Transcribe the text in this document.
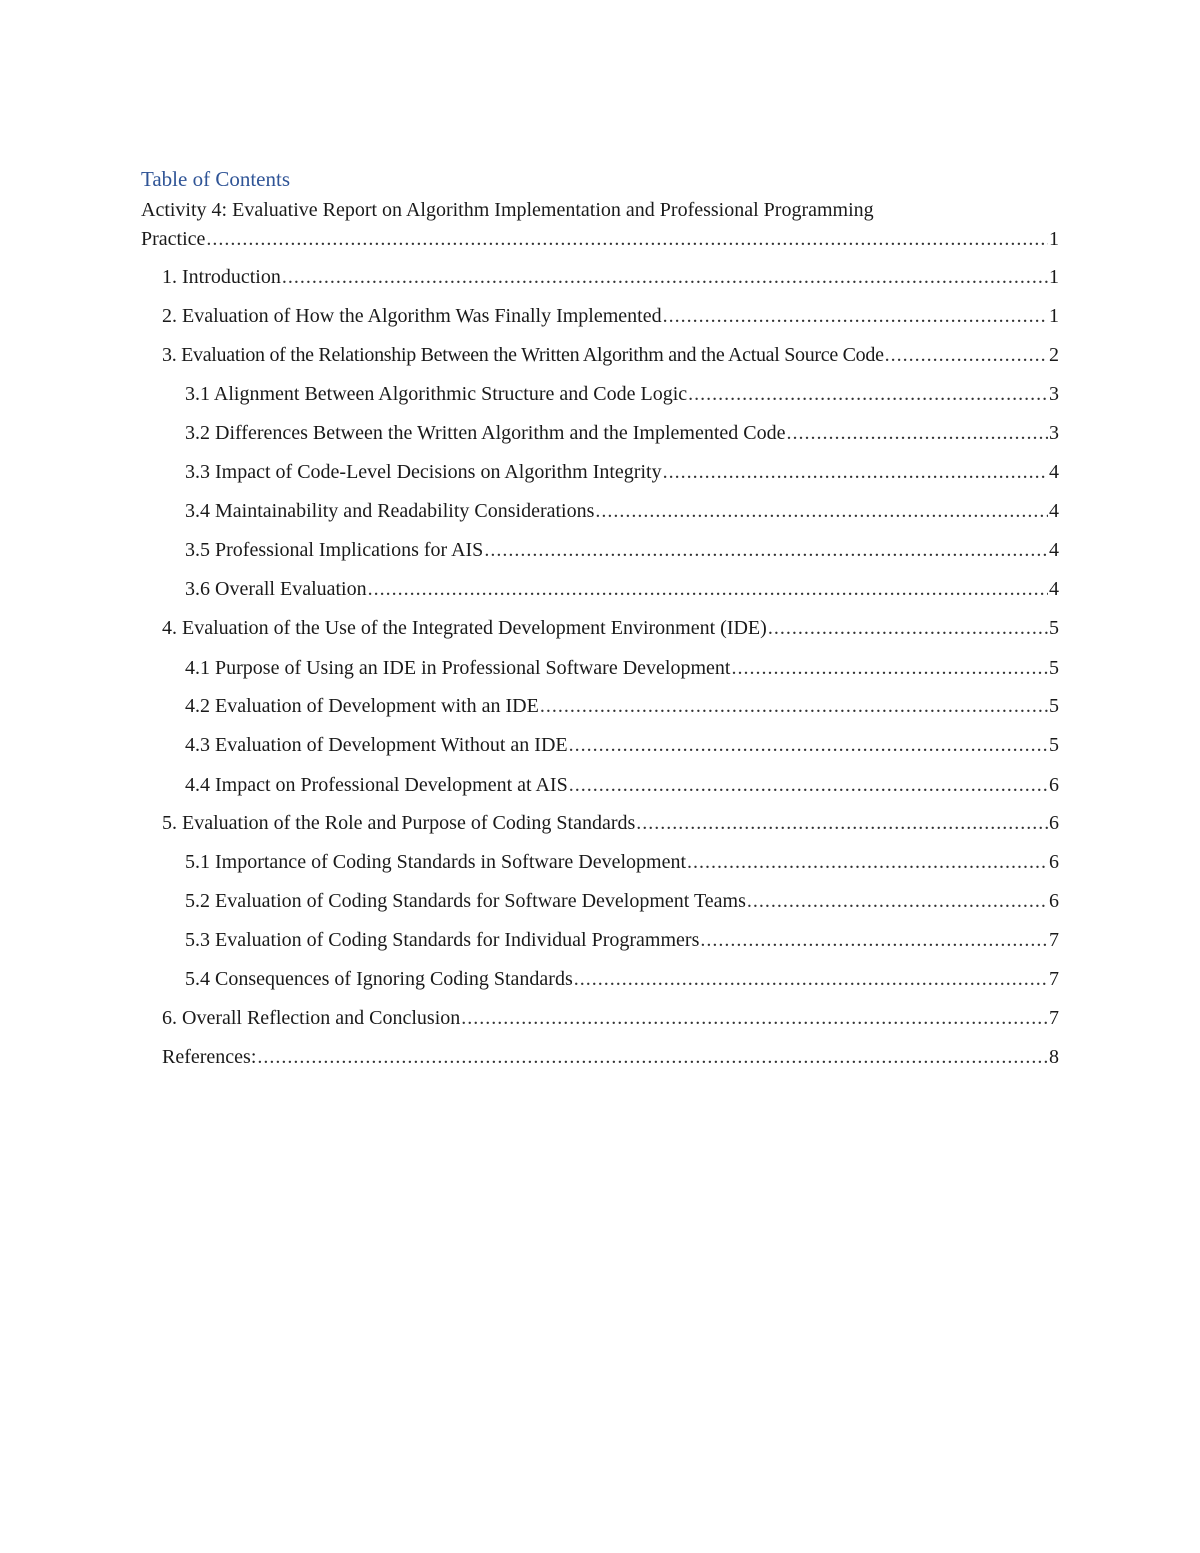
Table of Contents
Activity 4: Evaluative Report on Algorithm Implementation and Professional Programming
Practice .....	1
1. Introduction .....	1
2. Evaluation of How the Algorithm Was Finally Implemented .....	1
3. Evaluation of the Relationship Between the Written Algorithm and the Actual Source Code .....	2
3.1 Alignment Between Algorithmic Structure and Code Logic .....	3
3.2 Differences Between the Written Algorithm and the Implemented Code .....	3
3.3 Impact of Code-Level Decisions on Algorithm Integrity .....	4
3.4 Maintainability and Readability Considerations .....	4
3.5 Professional Implications for AIS .....	4
3.6 Overall Evaluation .....	4
4. Evaluation of the Use of the Integrated Development Environment (IDE) .....	5
4.1 Purpose of Using an IDE in Professional Software Development .....	5
4.2 Evaluation of Development with an IDE .....	5
4.3 Evaluation of Development Without an IDE .....	5
4.4 Impact on Professional Development at AIS .....	6
5. Evaluation of the Role and Purpose of Coding Standards .....	6
5.1 Importance of Coding Standards in Software Development .....	6
5.2 Evaluation of Coding Standards for Software Development Teams .....	6
5.3 Evaluation of Coding Standards for Individual Programmers .....	7
5.4 Consequences of Ignoring Coding Standards .....	7
6. Overall Reflection and Conclusion .....	7
References: .....	8
